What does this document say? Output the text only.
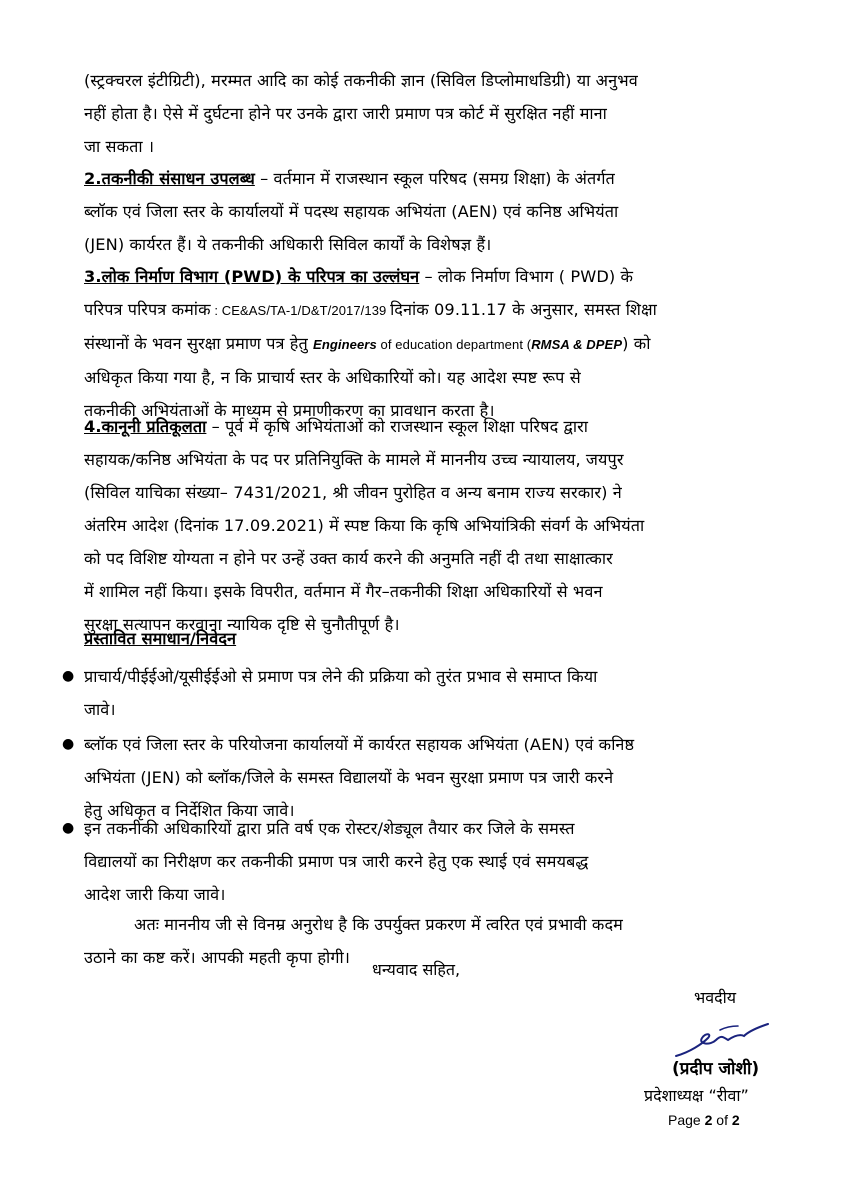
(स्ट्रक्चरल इंटीग्रिटी), मरम्मत आदि का कोई तकनीकी ज्ञान (सिविल डिप्लोमाधडिग्री) या अनुभव
नहीं होता है। ऐसे में दुर्घटना होने पर उनके द्वारा जारी प्रमाण पत्र कोर्ट में सुरक्षित नहीं माना
जा सकता ।
2.तकनीकी संसाधन उपलब्ध – वर्तमान में राजस्थान स्कूल परिषद (समग्र शिक्षा) के अंतर्गत
ब्लॉक एवं जिला स्तर के कार्यालयों में पदस्थ सहायक अभियंता (AEN) एवं कनिष्ठ अभियंता
(JEN) कार्यरत हैं। ये तकनीकी अधिकारी सिविल कार्यों के विशेषज्ञ हैं।
3.लोक निर्माण विभाग (PWD) के परिपत्र का उल्लंघन – लोक निर्माण विभाग ( PWD) के
परिपत्र परिपत्र कमांक : CE&AS/TA-1/D&T/2017/139 दिनांक 09.11.17 के अनुसार, समस्त शिक्षा
संस्थानों के भवन सुरक्षा प्रमाण पत्र हेतु Engineers of education department (RMSA & DPEP) को
अधिकृत किया गया है, न कि प्राचार्य स्तर के अधिकारियों को। यह आदेश स्पष्ट रूप से
तकनीकी अभियंताओं के माध्यम से प्रमाणीकरण का प्रावधान करता है।
4.कानूनी प्रतिकूलता – पूर्व में कृषि अभियंताओं को राजस्थान स्कूल शिक्षा परिषद द्वारा
सहायक/कनिष्ठ अभियंता के पद पर प्रतिनियुक्ति के मामले में माननीय उच्च न्यायालय, जयपुर
(सिविल याचिका संख्या– 7431/2021, श्री जीवन पुरोहित व अन्य बनाम राज्य सरकार) ने
अंतरिम आदेश (दिनांक 17.09.2021) में स्पष्ट किया कि कृषि अभियांत्रिकी संवर्ग के अभियंता
को पद विशिष्ट योग्यता न होने पर उन्हें उक्त कार्य करने की अनुमति नहीं दी तथा साक्षात्कार
में शामिल नहीं किया। इसके विपरीत, वर्तमान में गैर–तकनीकी शिक्षा अधिकारियों से भवन
सुरक्षा सत्यापन करवाना न्यायिक दृष्टि से चुनौतीपूर्ण है।
प्रस्तावित समाधान/निवेदन
● प्राचार्य/पीईईओ/यूसीईईओ से प्रमाण पत्र लेने की प्रक्रिया को तुरंत प्रभाव से समाप्त किया
जावे।
● ब्लॉक एवं जिला स्तर के परियोजना कार्यालयों में कार्यरत सहायक अभियंता (AEN) एवं कनिष्ठ
अभियंता (JEN) को ब्लॉक/जिले के समस्त विद्यालयों के भवन सुरक्षा प्रमाण पत्र जारी करने
हेतु अधिकृत व निर्देशित किया जावे।
● इन तकनीकी अधिकारियों द्वारा प्रति वर्ष एक रोस्टर/शेड्यूल तैयार कर जिले के समस्त
विद्यालयों का निरीक्षण कर तकनीकी प्रमाण पत्र जारी करने हेतु एक स्थाई एवं समयबद्ध
आदेश जारी किया जावे।
अतः माननीय जी से विनम्र अनुरोध है कि उपर्युक्त प्रकरण में त्वरित एवं प्रभावी कदम
उठाने का कष्ट करें। आपकी महती कृपा होगी।
धन्यवाद सहित,
भवदीय
(प्रदीप जोशी)
प्रदेशाध्यक्ष “रीवा”
Page 2 of 2
